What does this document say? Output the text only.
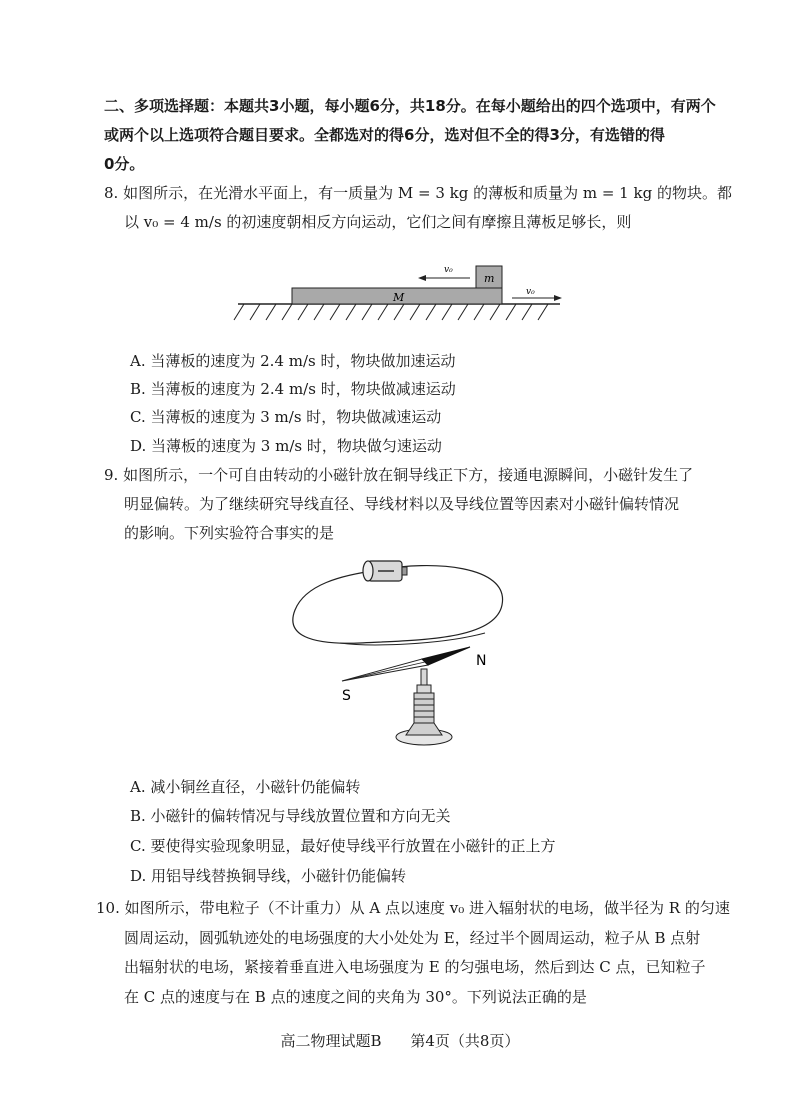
二、多项选择题：本题共3小题，每小题6分，共18分。在每小题给出的四个选项中，有两个
或两个以上选项符合题目要求。全都选对的得6分，选对但不全的得3分，有选错的得
0分。
8. 如图所示，在光滑水平面上，有一质量为 M = 3 kg 的薄板和质量为 m = 1 kg 的物块。都
以 v₀ = 4 m/s 的初速度朝相反方向运动，它们之间有摩擦且薄板足够长，则
M
m
v₀
v₀
A. 当薄板的速度为 2.4 m/s 时，物块做加速运动
B. 当薄板的速度为 2.4 m/s 时，物块做减速运动
C. 当薄板的速度为 3 m/s 时，物块做减速运动
D. 当薄板的速度为 3 m/s 时，物块做匀速运动
9. 如图所示，一个可自由转动的小磁针放在铜导线正下方，接通电源瞬间，小磁针发生了
明显偏转。为了继续研究导线直径、导线材料以及导线位置等因素对小磁针偏转情况
的影响。下列实验符合事实的是
S
N
A. 减小铜丝直径，小磁针仍能偏转
B. 小磁针的偏转情况与导线放置位置和方向无关
C. 要使得实验现象明显，最好使导线平行放置在小磁针的正上方
D. 用铝导线替换铜导线，小磁针仍能偏转
10. 如图所示，带电粒子（不计重力）从 A 点以速度 v₀ 进入辐射状的电场，做半径为 R 的匀速
圆周运动，圆弧轨迹处的电场强度的大小处处为 E，经过半个圆周运动，粒子从 B 点射
出辐射状的电场，紧接着垂直进入电场强度为 E 的匀强电场，然后到达 C 点，已知粒子
在 C 点的速度与在 B 点的速度之间的夹角为 30°。下列说法正确的是
高二物理试题B 第4页（共8页）
